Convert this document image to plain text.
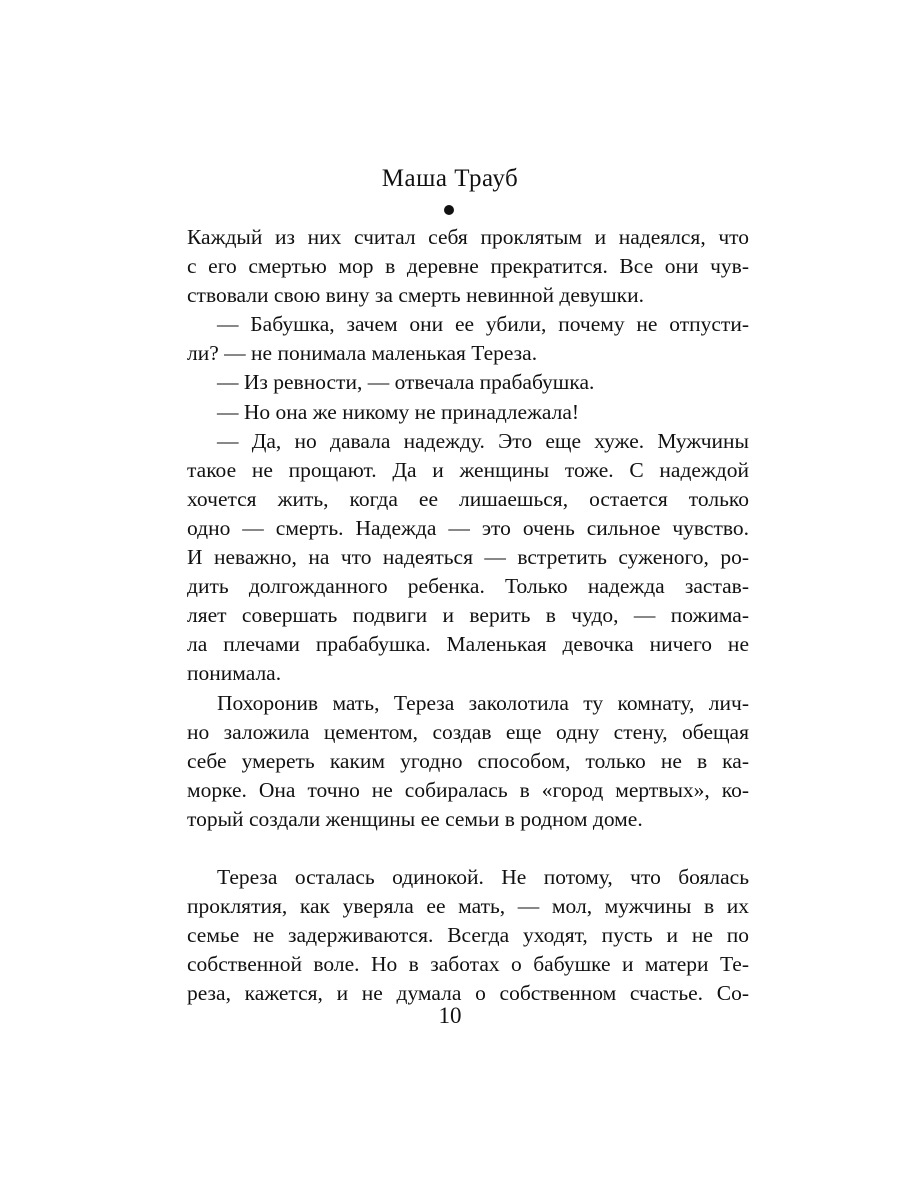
Маша Трауб
Каждый из них считал себя проклятым и надеялся, что
с его смертью мор в деревне прекратится. Все они чув-
ствовали свою вину за смерть невинной девушки.
— Бабушка, зачем они ее убили, почему не отпусти-
ли? — не понимала маленькая Тереза.
— Из ревности, — отвечала прабабушка.
— Но она же никому не принадлежала!
— Да, но давала надежду. Это еще хуже. Мужчины
такое не прощают. Да и женщины тоже. С надеждой
хочется жить, когда ее лишаешься, остается только
одно — смерть. Надежда — это очень сильное чувство.
И неважно, на что надеяться — встретить суженого, ро-
дить долгожданного ребенка. Только надежда застав-
ляет совершать подвиги и верить в чудо, — пожима-
ла плечами прабабушка. Маленькая девочка ничего не
понимала.
Похоронив мать, Тереза заколотила ту комнату, лич-
но заложила цементом, создав еще одну стену, обещая
себе умереть каким угодно способом, только не в ка-
морке. Она точно не собиралась в «город мертвых», ко-
торый создали женщины ее семьи в родном доме.
Тереза осталась одинокой. Не потому, что боялась
проклятия, как уверяла ее мать, — мол, мужчины в их
семье не задерживаются. Всегда уходят, пусть и не по
собственной воле. Но в заботах о бабушке и матери Те-
реза, кажется, и не думала о собственном счастье. Со-
10
